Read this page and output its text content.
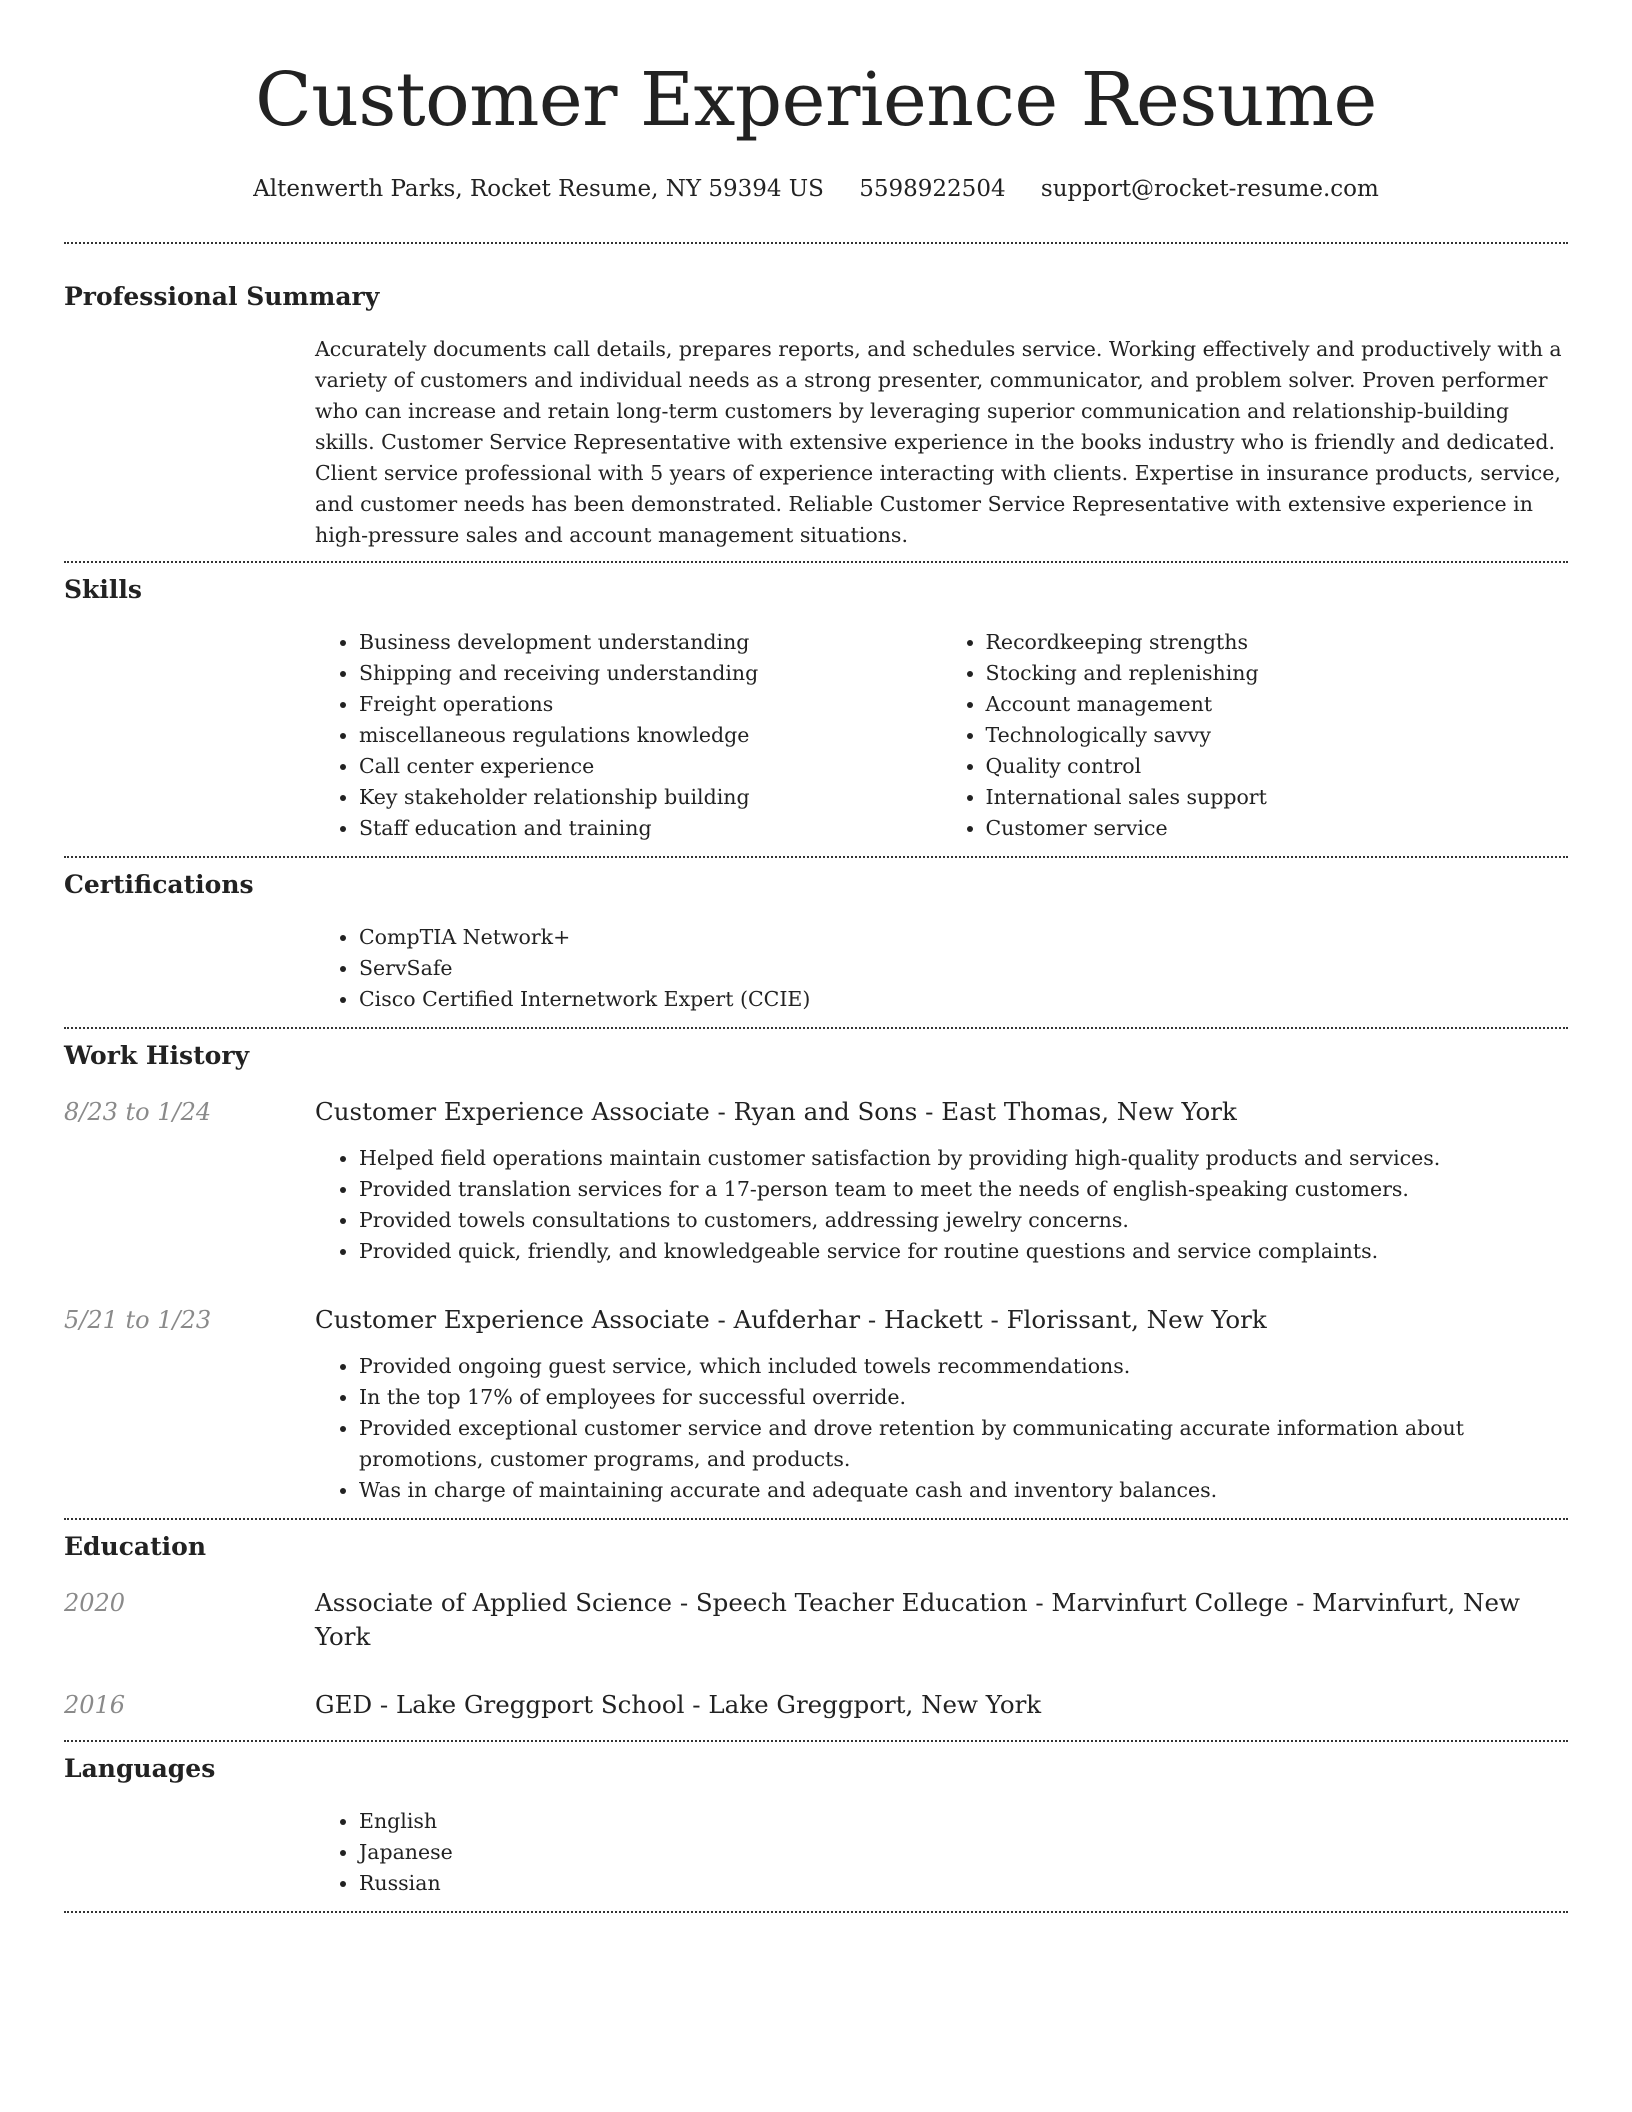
Customer Experience Resume
Altenwerth Parks, Rocket Resume, NY 59394 US 5598922504 support@rocket-resume.com
Professional Summary

Accurately documents call details, prepares reports, and schedules service. Working effectively and productively with a variety of customers and individual needs as a strong presenter, communicator, and problem solver. Proven performer who can increase and retain long-term customers by leveraging superior communication and relationship-building skills. Customer Service Representative with extensive experience in the books industry who is friendly and dedicated. Client service professional with 5 years of experience interacting with clients. Expertise in insurance products, service, and customer needs has been demonstrated. Reliable Customer Service Representative with extensive experience in high-pressure sales and account management situations.

Skills
• Business development understanding
• Shipping and receiving understanding
• Freight operations
• miscellaneous regulations knowledge
• Call center experience
• Key stakeholder relationship building
• Staff education and training
• Recordkeeping strengths
• Stocking and replenishing
• Account management
• Technologically savvy
• Quality control
• International sales support
• Customer service
Certifications
• CompTIA Network+
• ServSafe
• Cisco Certified Internetwork Expert (CCIE)
Work History
8/23 to 1/24	Customer Experience Associate - Ryan and Sons - East Thomas, New York
• Helped field operations maintain customer satisfaction by providing high-quality products and services.
• Provided translation services for a 17-person team to meet the needs of english-speaking customers.
• Provided towels consultations to customers, addressing jewelry concerns.
• Provided quick, friendly, and knowledgeable service for routine questions and service complaints.
5/21 to 1/23	Customer Experience Associate - Aufderhar - Hackett - Florissant, New York
• Provided ongoing guest service, which included towels recommendations.
• In the top 17% of employees for successful override.
• Provided exceptional customer service and drove retention by communicating accurate information about promotions, customer programs, and products.
• Was in charge of maintaining accurate and adequate cash and inventory balances.
Education
2020	Associate of Applied Science - Speech Teacher Education - Marvinfurt College - Marvinfurt, New York
2016	GED - Lake Greggport School - Lake Greggport, New York
Languages
• English
• Japanese
• Russian
